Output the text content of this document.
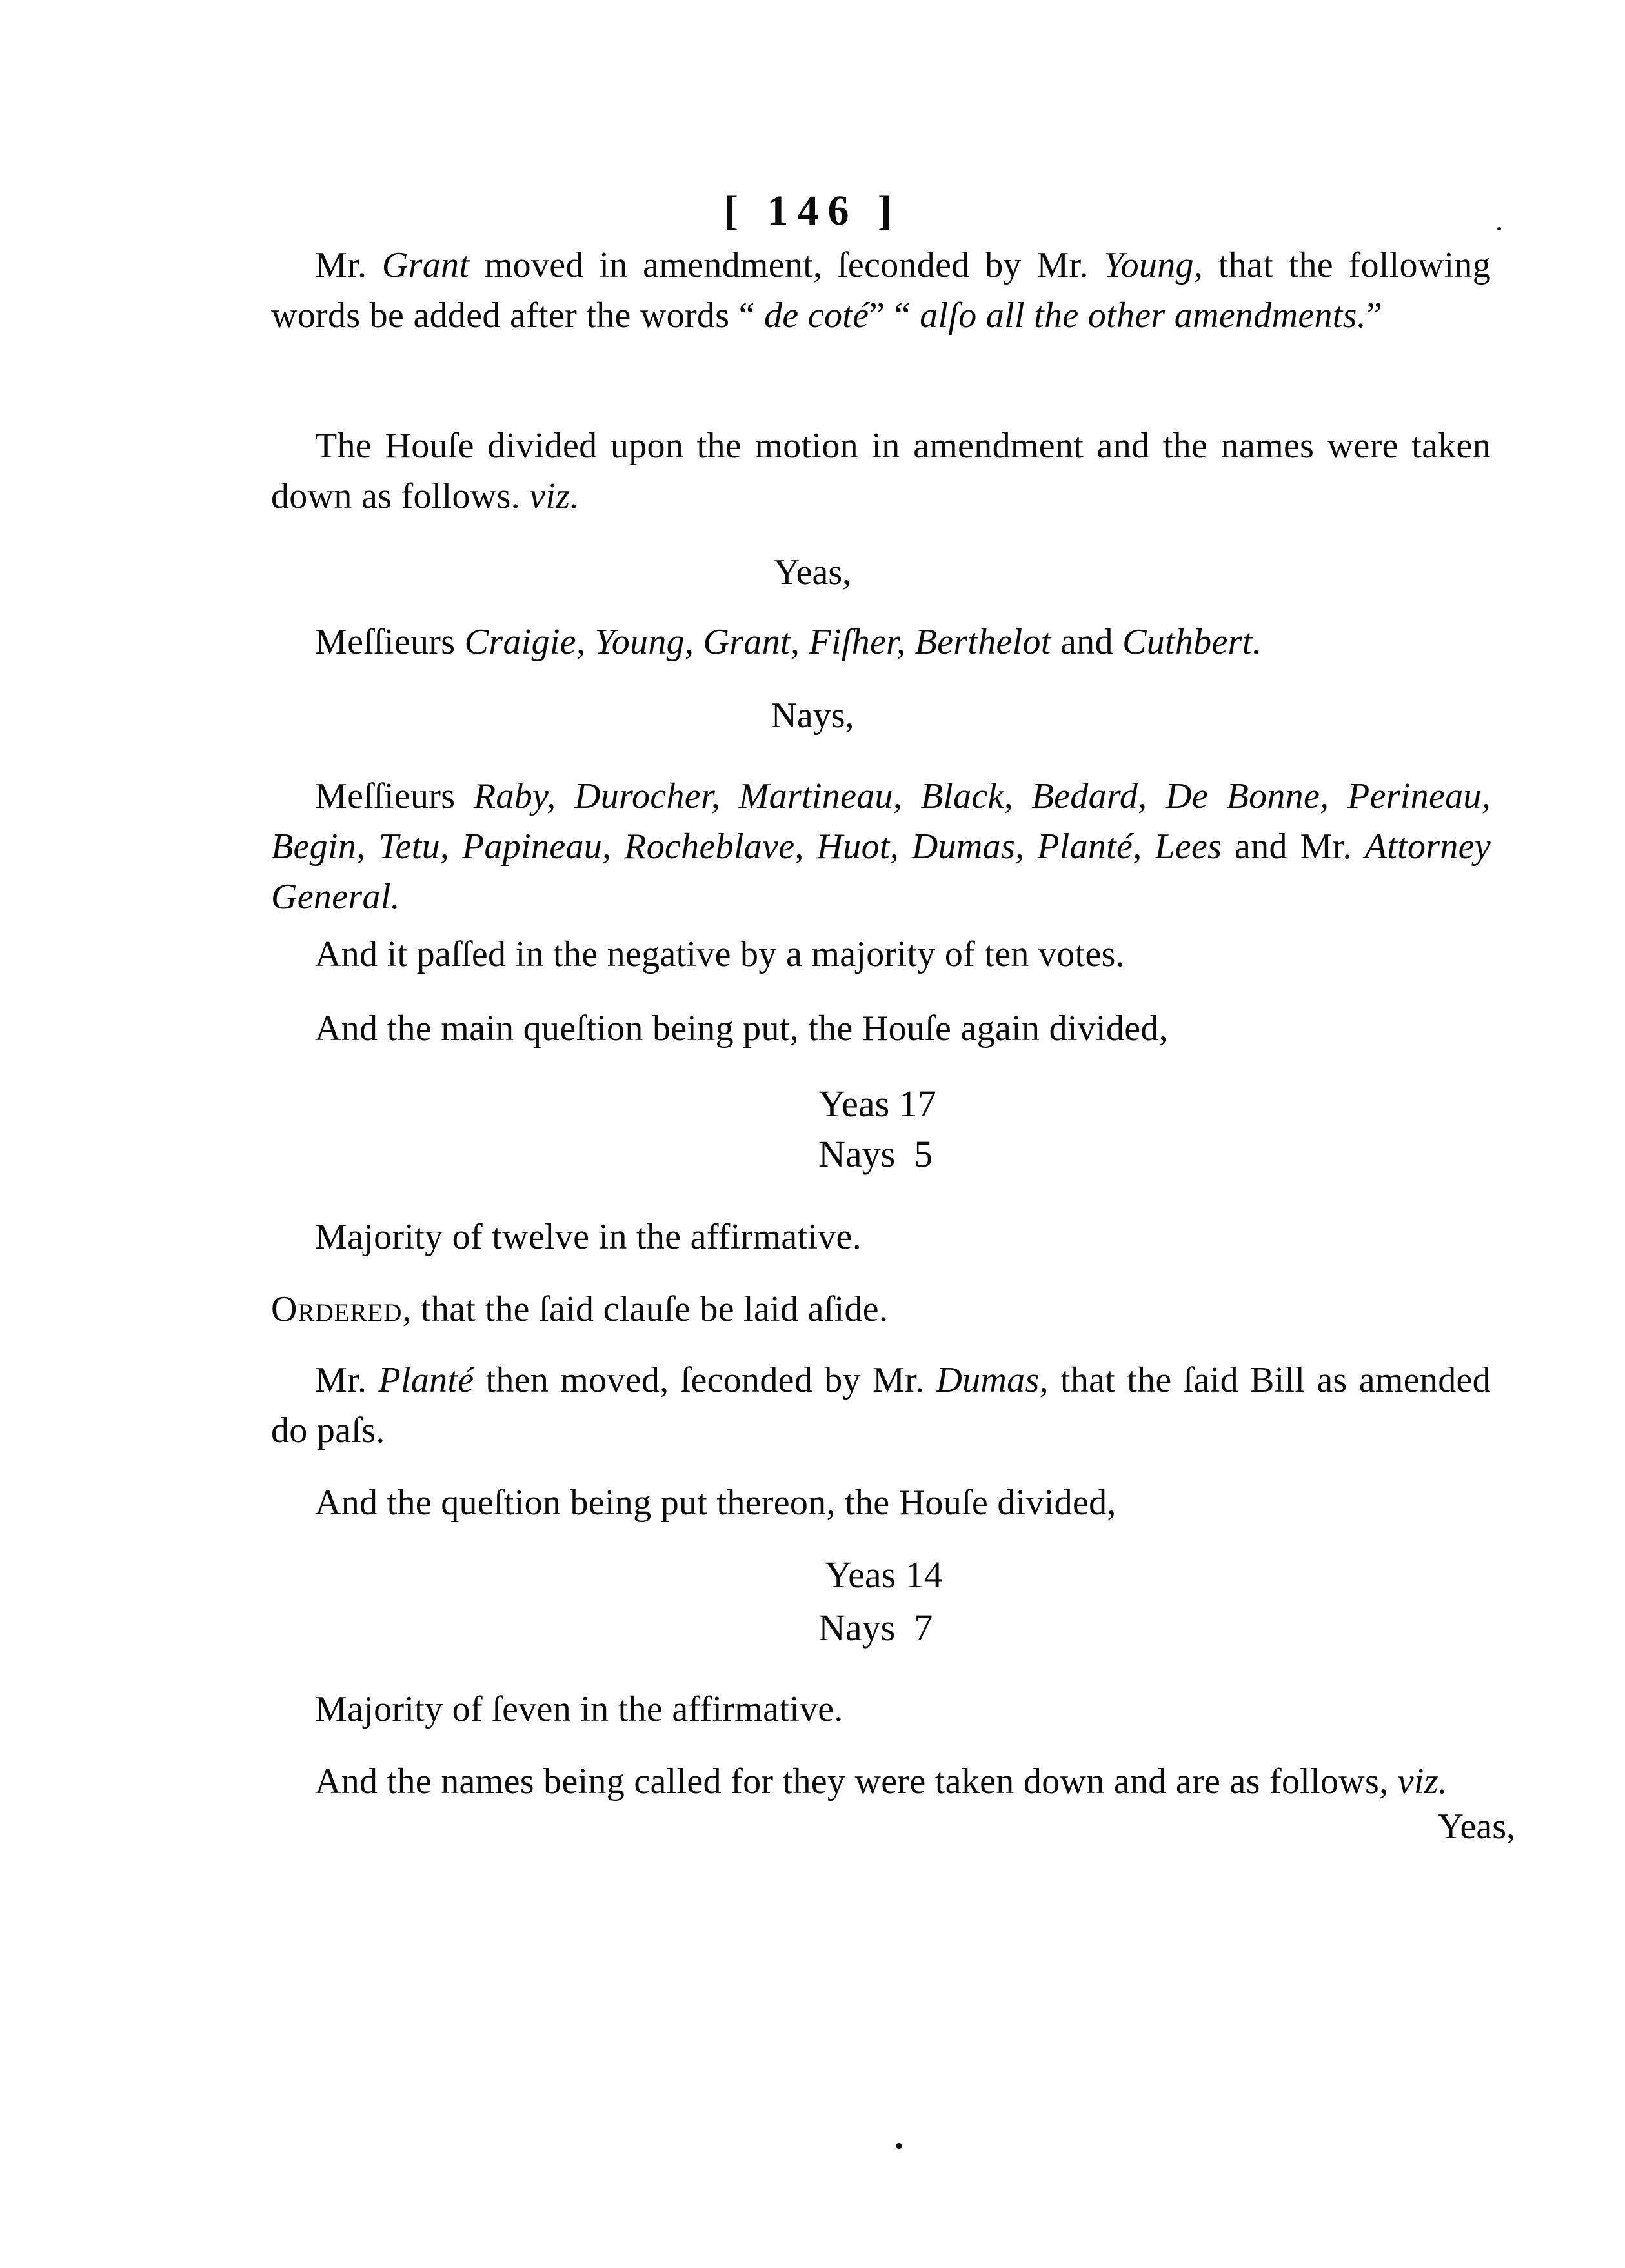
[ 146 ]

Mr. Grant moved in amendment, ſeconded by Mr. Young, that the following words be added after the words “ de coté” “ alſo all the other amendments.”

The Houſe divided upon the motion in amendment and the names were taken down as follows. viz.

Yeas,

Meſſieurs Craigie, Young, Grant, Fiſher, Berthelot and Cuthbert.

Nays,

Meſſieurs Raby, Durocher, Martineau, Black, Bedard, De Bonne, Perineau, Begin, Tetu, Papineau, Rocheblave, Huot, Dumas, Planté, Lees and Mr. Attorney General.

And it paſſed in the negative by a majority of ten votes.

And the main queſtion being put, the Houſe again divided,

Yeas 17
Nays 5

Majority of twelve in the affirmative.

Ordered, that the ſaid clauſe be laid aſide.

Mr. Planté then moved, ſeconded by Mr. Dumas, that the ſaid Bill as amended do paſs.

And the queſtion being put thereon, the Houſe divided,

Yeas 14
Nays 7

Majority of ſeven in the affirmative.

And the names being called for they were taken down and are as follows, viz.

Yeas,
